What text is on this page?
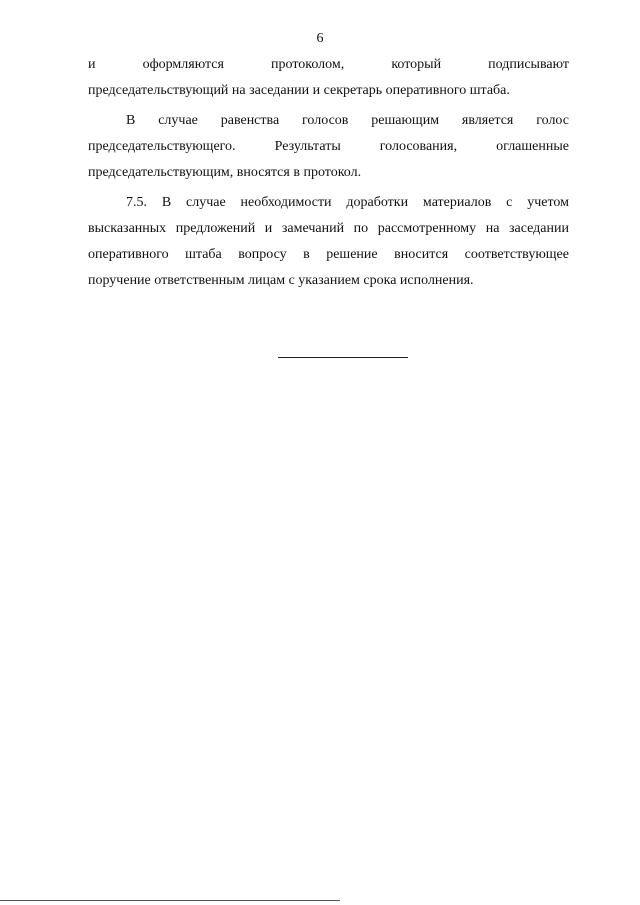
6

и оформляются протоколом, который подписывают
председательствующий на заседании и секретарь оперативного штаба.

В случае равенства голосов решающим является голос
председательствующего. Результаты голосования, оглашенные
председательствующим, вносятся в протокол.

7.5. В случае необходимости доработки материалов с учетом
высказанных предложений и замечаний по рассмотренному на заседании
оперативного штаба вопросу в решение вносится соответствующее
поручение ответственным лицам с указанием срока исполнения.
